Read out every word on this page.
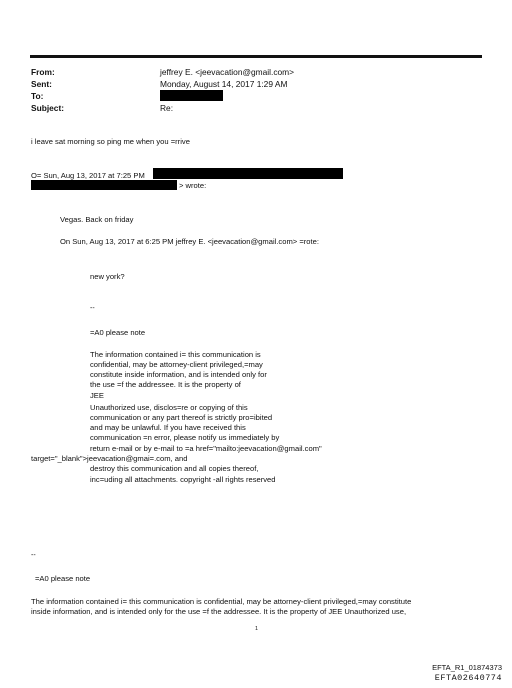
From:	jeffrey E. <jeevacation@gmail.com>
Sent:	Monday, August 14, 2017 1:29 AM
To:
Subject:	Re:
i leave sat morning so ping me when you =rrive
O= Sun, Aug 13, 2017 at 7:25 PM
> wrote:
Vegas. Back on friday
On Sun, Aug 13, 2017 at 6:25 PM jeffrey E. <jeevacation@gmail.com> =rote:
new york?
--
=A0 please note
The information contained i= this communication is
confidential, may be attorney-client privileged,=may
constitute inside information, and is intended only for
the use =f the addressee. It is the property of
JEE
Unauthorized use, disclos=re or copying of this
communication or any part thereof is strictly pro=ibited
and may be unlawful. If you have received this
communication =n error, please notify us immediately by
return e-mail or by e-mail to =a href="mailto:jeevacation@gmail.com"
target="_blank">jeevacation@gmai=.com, and
destroy this communication and all copies thereof,
inc=uding all attachments. copyright -all rights reserved
--
=A0 please note
The information contained i= this communication is confidential, may be attorney-client privileged,=may constitute
inside information, and is intended only for the use =f the addressee. It is the property of JEE Unauthorized use,
1
EFTA_R1_01874373
EFTA02640774
